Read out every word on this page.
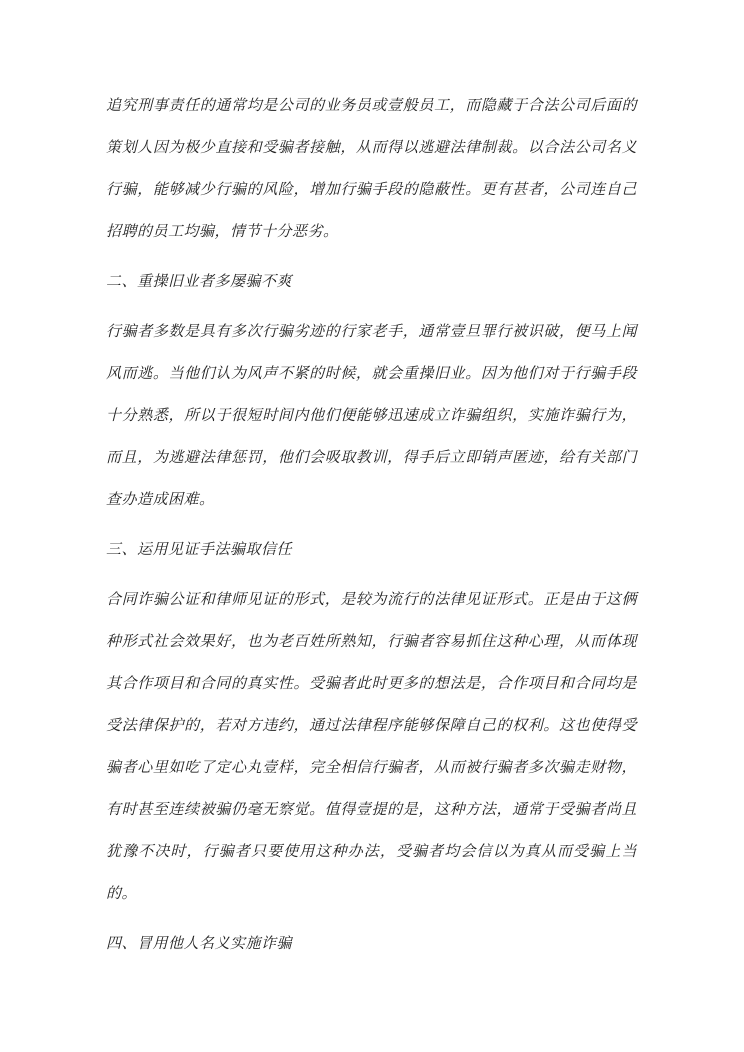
追究刑事责任的通常均是公司的业务员或壹般员工，而隐藏于合法公司后面的策划人因为极少直接和受骗者接触，从而得以逃避法律制裁。以合法公司名义行骗，能够减少行骗的风险，增加行骗手段的隐蔽性。更有甚者，公司连自己招聘的员工均骗，情节十分恶劣。

二、重操旧业者多屡骗不爽

行骗者多数是具有多次行骗劣迹的行家老手，通常壹旦罪行被识破，便马上闻风而逃。当他们认为风声不紧的时候，就会重操旧业。因为他们对于行骗手段十分熟悉，所以于很短时间内他们便能够迅速成立诈骗组织，实施诈骗行为，而且，为逃避法律惩罚，他们会吸取教训，得手后立即销声匿迹，给有关部门查办造成困难。

三、运用见证手法骗取信任

合同诈骗公证和律师见证的形式，是较为流行的法律见证形式。正是由于这俩种形式社会效果好，也为老百姓所熟知，行骗者容易抓住这种心理，从而体现其合作项目和合同的真实性。受骗者此时更多的想法是，合作项目和合同均是受法律保护的，若对方违约，通过法律程序能够保障自己的权利。这也使得受骗者心里如吃了定心丸壹样，完全相信行骗者，从而被行骗者多次骗走财物，有时甚至连续被骗仍毫无察觉。值得壹提的是，这种方法，通常于受骗者尚且犹豫不决时，行骗者只要使用这种办法，受骗者均会信以为真从而受骗上当的。

四、冒用他人名义实施诈骗
